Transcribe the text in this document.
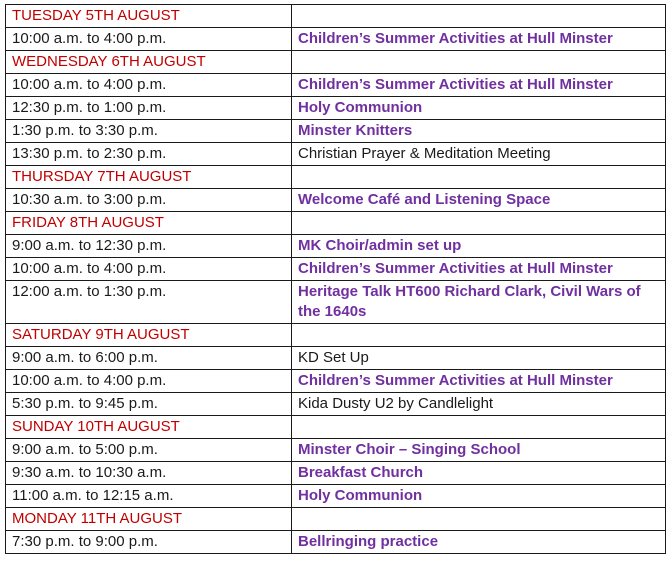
TUESDAY 5TH AUGUST	
10:00 a.m. to 4:00 p.m.	Children’s Summer Activities at Hull Minster
WEDNESDAY 6TH AUGUST	
10:00 a.m. to 4:00 p.m.	Children’s Summer Activities at Hull Minster
12:30 p.m. to 1:00 p.m.	Holy Communion
1:30 p.m. to 3:30 p.m.	Minster Knitters
13:30 p.m. to 2:30 p.m.	Christian Prayer & Meditation Meeting
THURSDAY 7TH AUGUST	
10:30 a.m. to 3:00 p.m.	Welcome Café and Listening Space
FRIDAY 8TH AUGUST	
9:00 a.m. to 12:30 p.m.	MK Choir/admin set up
10:00 a.m. to 4:00 p.m.	Children’s Summer Activities at Hull Minster
12:00 a.m. to 1:30 p.m.	Heritage Talk HT600 Richard Clark, Civil Wars of the 1640s
SATURDAY 9TH AUGUST	
9:00 a.m. to 6:00 p.m.	KD Set Up
10:00 a.m. to 4:00 p.m.	Children’s Summer Activities at Hull Minster
5:30 p.m. to 9:45 p.m.	Kida Dusty U2 by Candlelight
SUNDAY 10TH AUGUST	
9:00 a.m. to 5:00 p.m.	Minster Choir – Singing School
9:30 a.m. to 10:30 a.m.	Breakfast Church
11:00 a.m. to 12:15 a.m.	Holy Communion
MONDAY 11TH AUGUST	
7:30 p.m. to 9:00 p.m.	Bellringing practice
